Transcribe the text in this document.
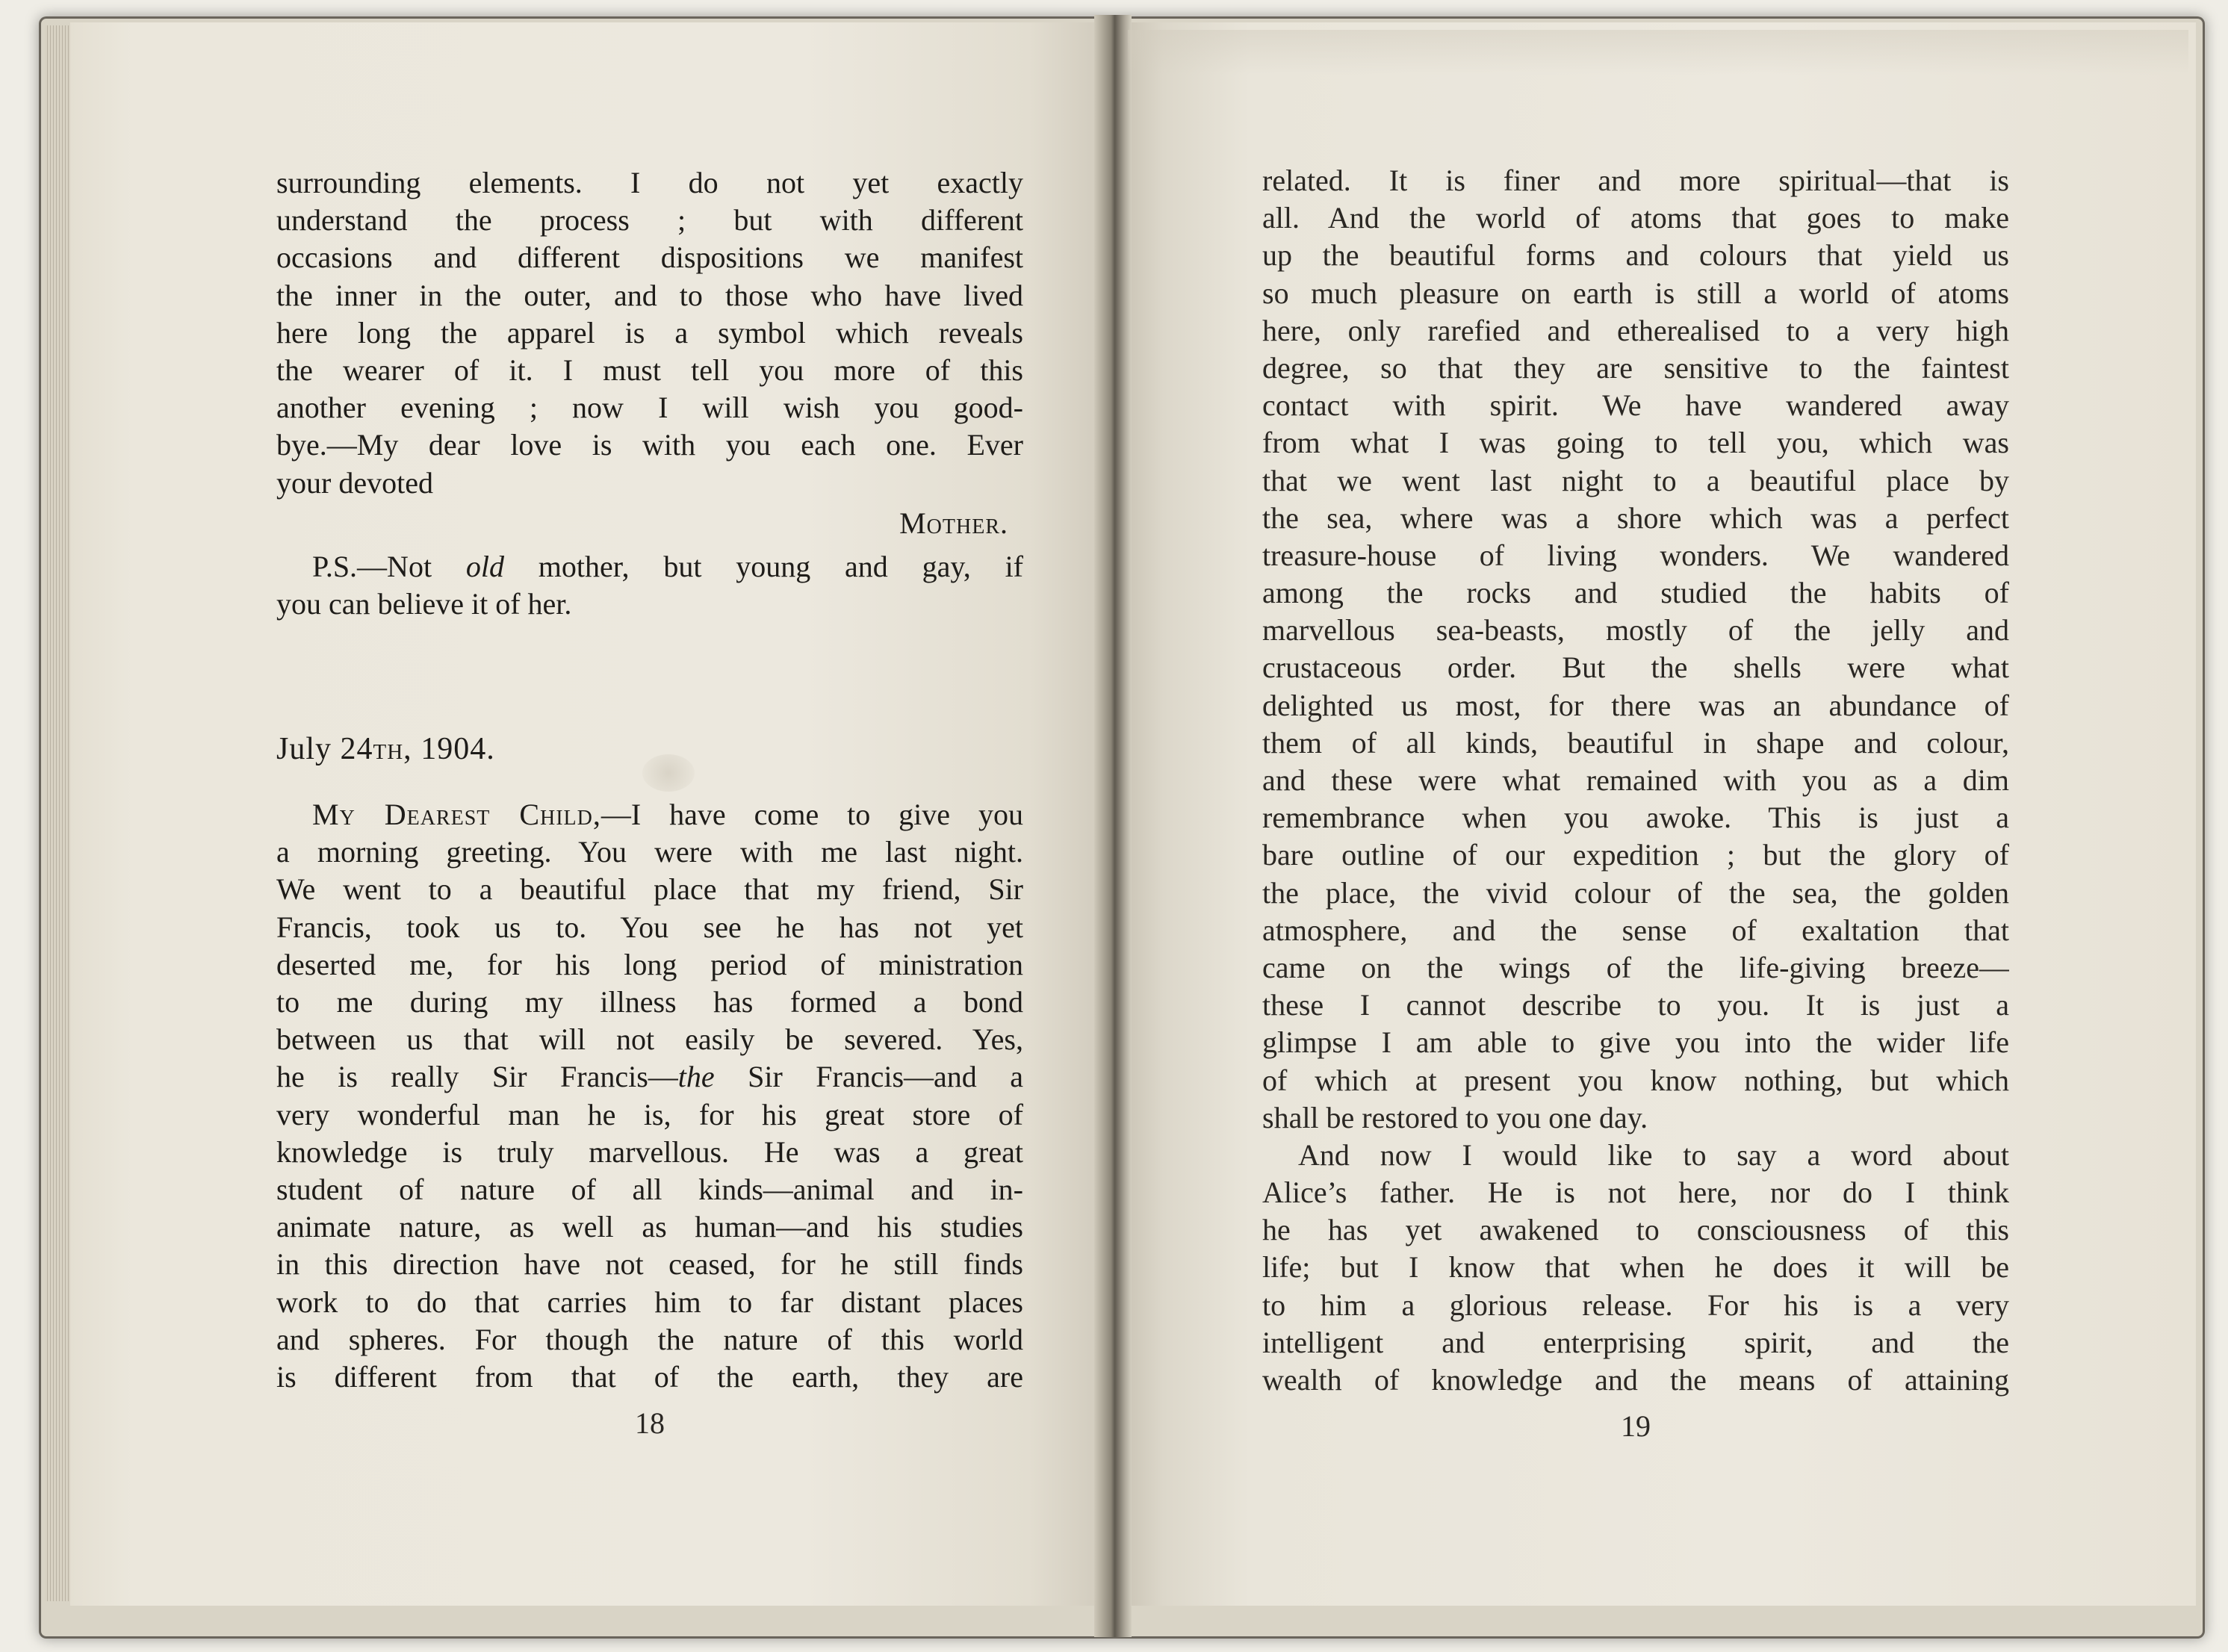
surrounding elements. I do not yet exactly
understand the process ; but with different
occasions and different dispositions we manifest
the inner in the outer, and to those who have lived
here long the apparel is a symbol which reveals
the wearer of it. I must tell you more of this
another evening ; now I will wish you good-
bye.—My dear love is with you each one. Ever
your devoted
Mother.
P.S.—Not old mother, but young and gay, if
you can believe it of her.
July 24th, 1904.
My Dearest Child,—I have come to give you
a morning greeting. You were with me last night.
We went to a beautiful place that my friend, Sir
Francis, took us to. You see he has not yet
deserted me, for his long period of ministration
to me during my illness has formed a bond
between us that will not easily be severed. Yes,
he is really Sir Francis—the Sir Francis—and a
very wonderful man he is, for his great store of
knowledge is truly marvellous. He was a great
student of nature of all kinds—animal and in-
animate nature, as well as human—and his studies
in this direction have not ceased, for he still finds
work to do that carries him to far distant places
and spheres. For though the nature of this world
is different from that of the earth, they are
18
related. It is finer and more spiritual—that is
all. And the world of atoms that goes to make
up the beautiful forms and colours that yield us
so much pleasure on earth is still a world of atoms
here, only rarefied and etherealised to a very high
degree, so that they are sensitive to the faintest
contact with spirit. We have wandered away
from what I was going to tell you, which was
that we went last night to a beautiful place by
the sea, where was a shore which was a perfect
treasure-house of living wonders. We wandered
among the rocks and studied the habits of
marvellous sea-beasts, mostly of the jelly and
crustaceous order. But the shells were what
delighted us most, for there was an abundance of
them of all kinds, beautiful in shape and colour,
and these were what remained with you as a dim
remembrance when you awoke. This is just a
bare outline of our expedition ; but the glory of
the place, the vivid colour of the sea, the golden
atmosphere, and the sense of exaltation that
came on the wings of the life-giving breeze—
these I cannot describe to you. It is just a
glimpse I am able to give you into the wider life
of which at present you know nothing, but which
shall be restored to you one day.
And now I would like to say a word about
Alice’s father. He is not here, nor do I think
he has yet awakened to consciousness of this
life; but I know that when he does it will be
to him a glorious release. For his is a very
intelligent and enterprising spirit, and the
wealth of knowledge and the means of attaining
19
